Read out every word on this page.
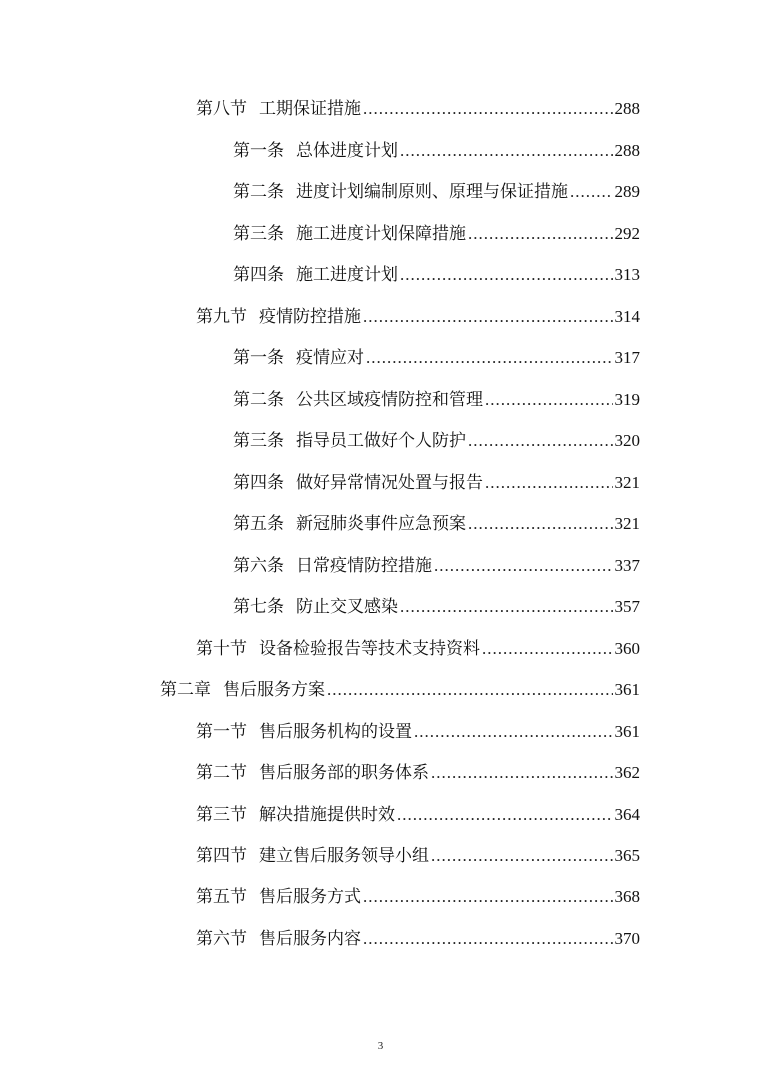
第八节 工期保证措施 .....	288
第一条 总体进度计划 .....	288
第二条 进度计划编制原则、原理与保证措施 .....	289
第三条 施工进度计划保障措施 .....	292
第四条 施工进度计划 .....	313
第九节 疫情防控措施 .....	314
第一条 疫情应对 .....	317
第二条 公共区域疫情防控和管理 .....	319
第三条 指导员工做好个人防护 .....	320
第四条 做好异常情况处置与报告 .....	321
第五条 新冠肺炎事件应急预案 .....	321
第六条 日常疫情防控措施 .....	337
第七条 防止交叉感染 .....	357
第十节 设备检验报告等技术支持资料 .....	360
第二章 售后服务方案 .....	361
第一节 售后服务机构的设置 .....	361
第二节 售后服务部的职务体系 .....	362
第三节 解决措施提供时效 .....	364
第四节 建立售后服务领导小组 .....	365
第五节 售后服务方式 .....	368
第六节 售后服务内容 .....	370
3
